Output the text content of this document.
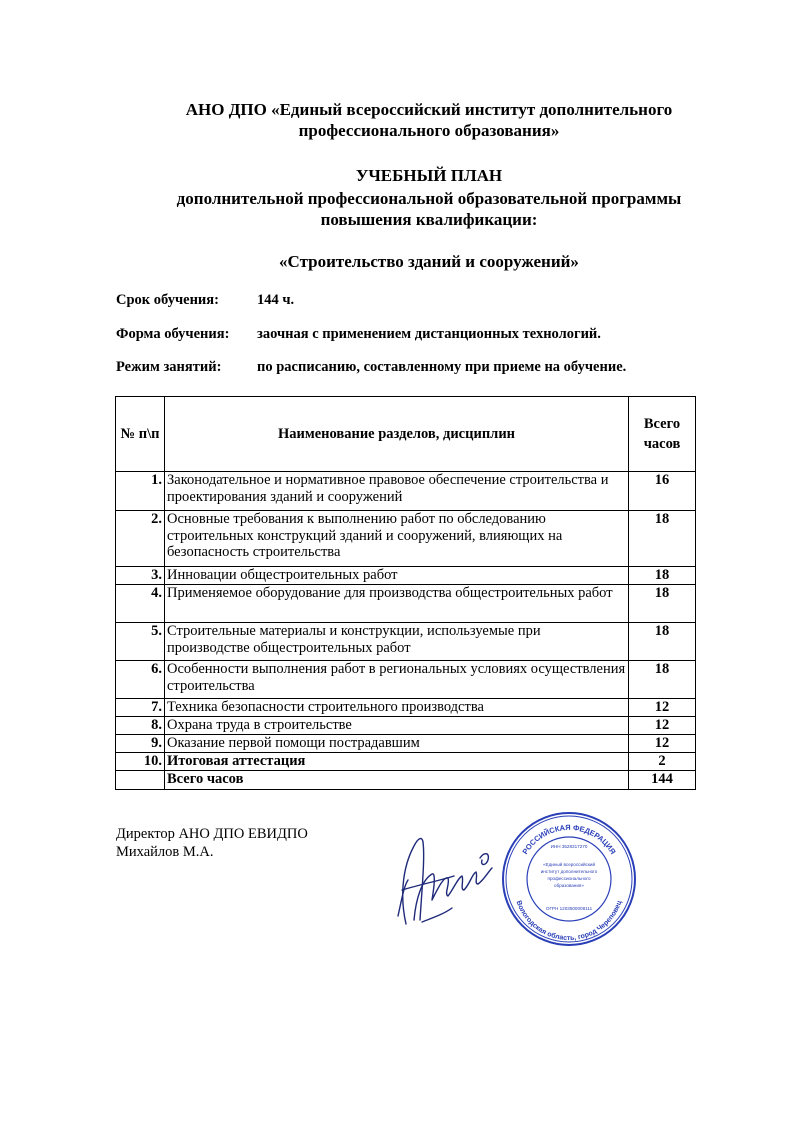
АНО ДПО «Единый всероссийский институт дополнительного
профессионального образования»
УЧЕБНЫЙ ПЛАН
дополнительной профессиональной образовательной программы
повышения квалификации:
«Строительство зданий и сооружений»
Срок обучения:	144 ч.
Форма обучения: заочная с применением дистанционных технологий.
Режим занятий: по расписанию, составленному при приеме на обучение.
№ п\п	Наименование разделов, дисциплин	Всего часов
1.	Законодательное и нормативное правовое обеспечение строительства и проектирования зданий и сооружений	16
2.	Основные требования к выполнению работ по обследованию строительных конструкций зданий и сооружений, влияющих на безопасность строительства	18
3.	Инновации общестроительных работ	18
4.	Применяемое оборудование для производства общестроительных работ	18
5.	Строительные материалы и конструкции, используемые при производстве общестроительных работ	18
6.	Особенности выполнения работ в региональных условиях осуществления строительства	18
7.	Техника безопасности строительного производства	12
8.	Охрана труда в строительстве	12
9.	Оказание первой помощи пострадавшим	12
10.	Итоговая аттестация	2
	Всего часов	144
Директор АНО ДПО ЕВИДПО
Михайлов М.А.	РОССИЙСКАЯ ФЕДЕРАЦИЯ
Вологодская область, город Череповец
ИНН 3528317270
«Единый всероссийский
институт дополнительного
профессионального
образования»
ОГРН 1203500008111
